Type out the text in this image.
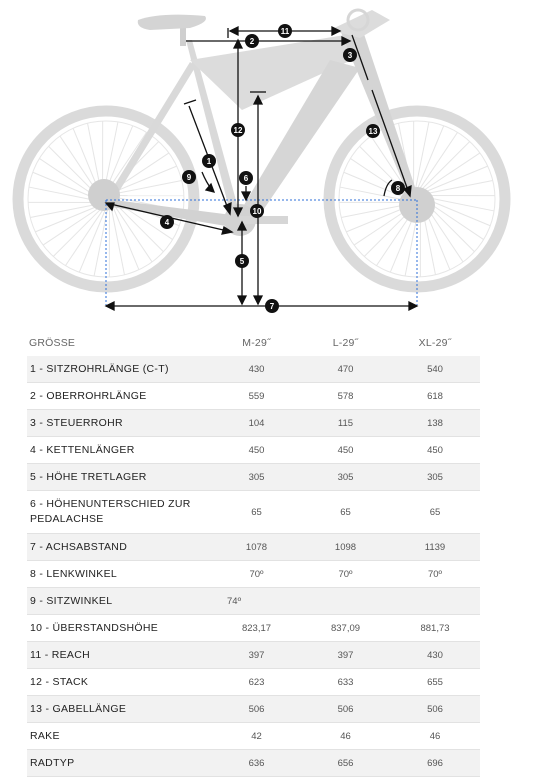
11
2
3
12	13
1
9	6
8
10
4
5
7
GRÖSSE	M-29˝	L-29˝	XL-29˝
1 - SITZROHRLÄNGE (C-T)	430	470	540
2 - OBERROHRLÄNGE	559	578	618
3 - STEUERROHR	104	115	138
4 - KETTENLÄNGER	450	450	450
5 - HÖHE TRETLAGER	305	305	305
6 - HÖHENUNTERSCHIED ZUR PEDALACHSE	65	65	65
7 - ACHSABSTAND	1078	1098	1139
8 - LENKWINKEL	70º	70º	70º
9 - SITZWINKEL	74º		
10 - ÜBERSTANDSHÖHE	823,17	837,09	881,73
11 - REACH	397	397	430
12 - STACK	623	633	655
13 - GABELLÄNGE	506	506	506
RAKE	42	46	46
RADTYP	636	656	696
